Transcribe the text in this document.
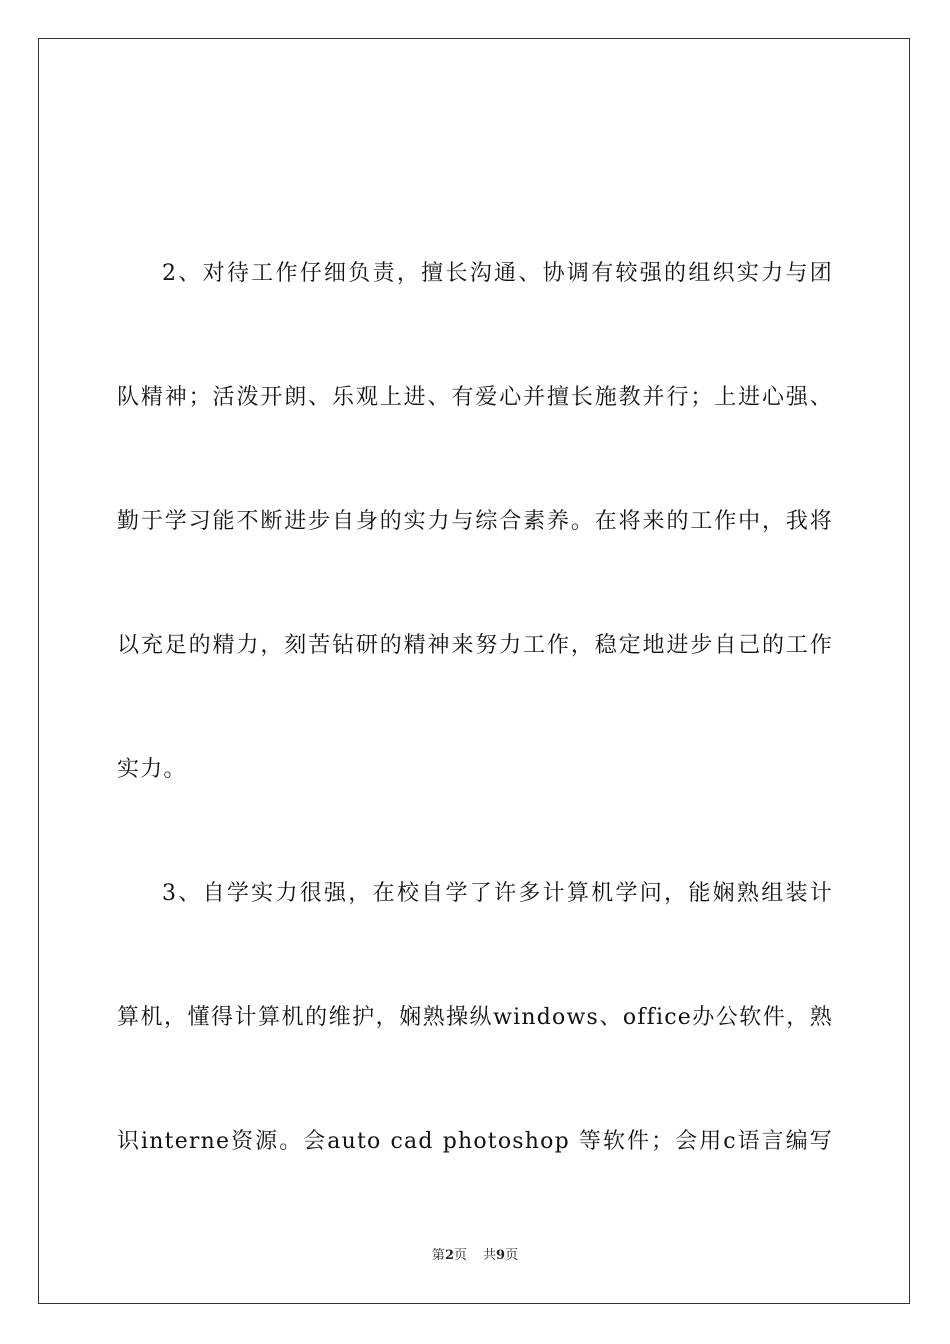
2、对待工作仔细负责，擅长沟通、协调有较强的组织实力与团
队精神；活泼开朗、乐观上进、有爱心并擅长施教并行；上进心强、
勤于学习能不断进步自身的实力与综合素养。在将来的工作中，我将
以充足的精力，刻苦钻研的精神来努力工作，稳定地进步自己的工作
实力。
3、自学实力很强，在校自学了许多计算机学问，能娴熟组装计
算机，懂得计算机的维护，娴熟操纵windows、office办公软件，熟
识interne资源。会auto cad photoshop 等软件；会用c语言编写
第2页 共9页
